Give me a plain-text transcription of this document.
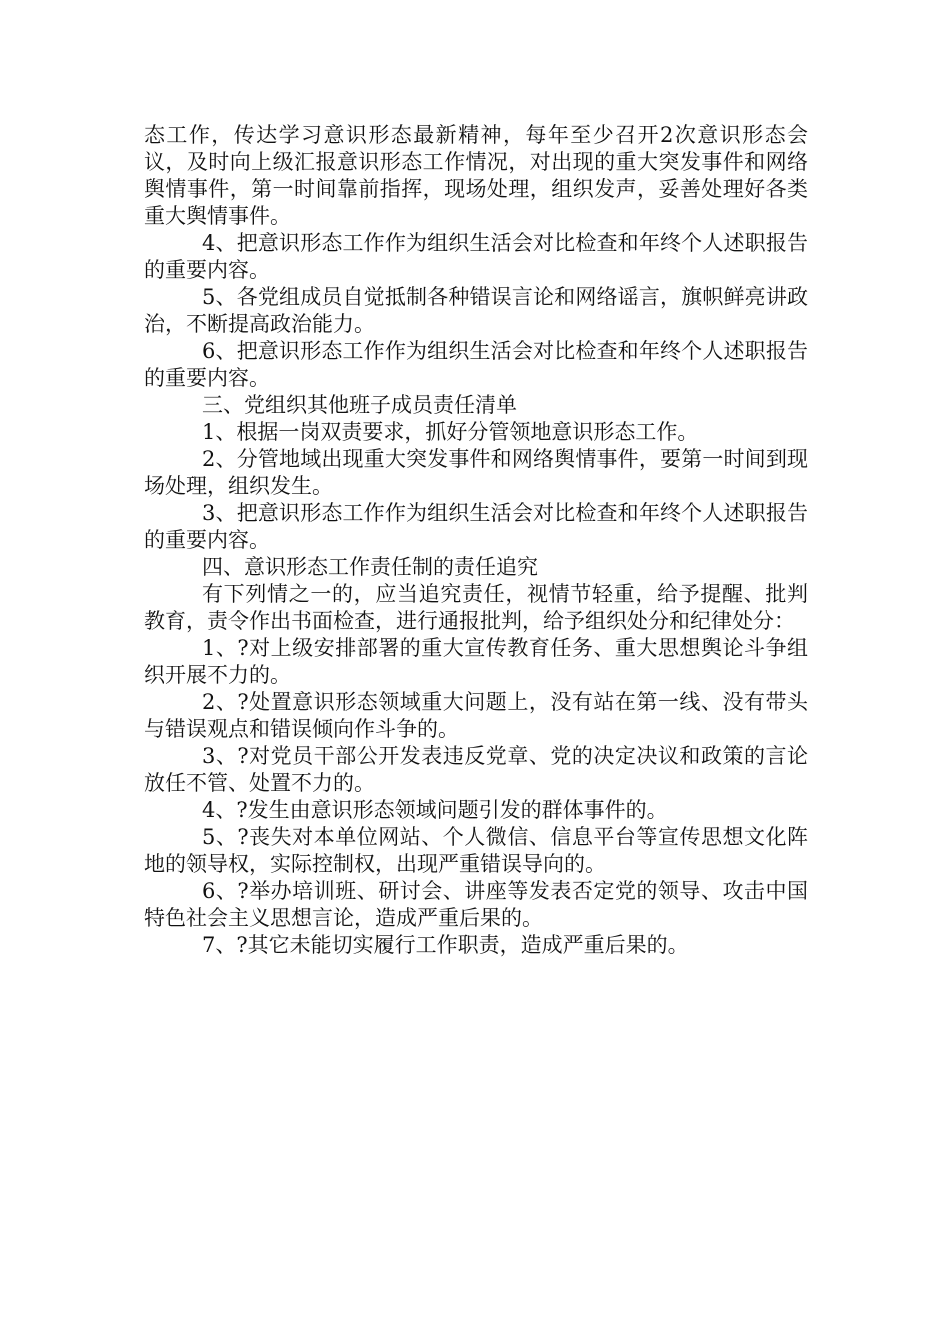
态工作，传达学习意识形态最新精神，每年至少召开2次意识形态会议，及时向上级汇报意识形态工作情况，对出现的重大突发事件和网络舆情事件，第一时间靠前指挥，现场处理，组织发声，妥善处理好各类重大舆情事件。

4、把意识形态工作作为组织生活会对比检查和年终个人述职报告的重要内容。

5、各党组成员自觉抵制各种错误言论和网络谣言，旗帜鲜亮讲政治，不断提高政治能力。

6、把意识形态工作作为组织生活会对比检查和年终个人述职报告的重要内容。

三、党组织其他班子成员责任清单

1、根据一岗双责要求，抓好分管领地意识形态工作。

2、分管地域出现重大突发事件和网络舆情事件，要第一时间到现场处理，组织发生。

3、把意识形态工作作为组织生活会对比检查和年终个人述职报告的重要内容。

四、意识形态工作责任制的责任追究

有下列情之一的，应当追究责任，视情节轻重，给予提醒、批判教育，责令作出书面检查，进行通报批判，给予组织处分和纪律处分：

1、?对上级安排部署的重大宣传教育任务、重大思想舆论斗争组织开展不力的。

2、?处置意识形态领域重大问题上，没有站在第一线、没有带头与错误观点和错误倾向作斗争的。

3、?对党员干部公开发表违反党章、党的决定决议和政策的言论放任不管、处置不力的。

4、?发生由意识形态领域问题引发的群体事件的。

5、?丧失对本单位网站、个人微信、信息平台等宣传思想文化阵地的领导权，实际控制权，出现严重错误导向的。

6、?举办培训班、研讨会、讲座等发表否定党的领导、攻击中国特色社会主义思想言论，造成严重后果的。

7、?其它未能切实履行工作职责，造成严重后果的。
